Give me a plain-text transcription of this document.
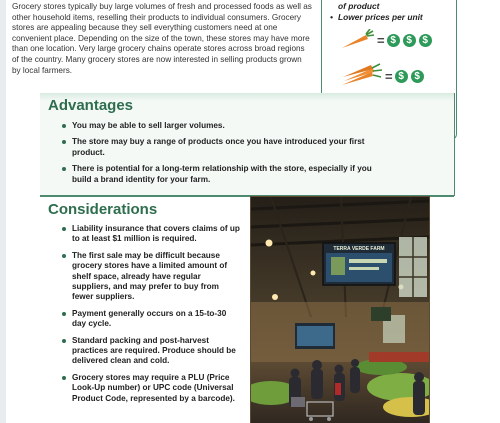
Grocery stores typically buy large volumes of fresh and processed foods as well as other household items, reselling their products to individual consumers. Grocery stores are appealing because they sell everything customers need at one convenient place. Depending on the size of the town, these stores may have more than one location. Very large grocery chains operate stores across broad regions of the country. Many grocery stores are now interested in selling products grown by local farmers.

of product
• Lower prices per unit
= $	$	$
= $	$
Advantages
You may be able to sell larger volumes.
The store may buy a range of products once you have introduced your first product.
There is potential for a long-term relationship with the store, especially if you build a brand identity for your farm.
Considerations
Liability insurance that covers claims of up to at least $1 million is required.
The first sale may be difficult because grocery stores have a limited amount of shelf space, already have regular suppliers, and may prefer to buy from fewer suppliers.
Payment generally occurs on a 15-to-30 day cycle.
Standard packing and post-harvest practices are required. Produce should be delivered clean and cold.
Grocery stores may require a PLU (Price Look-Up number) or UPC code (Universal Product Code, represented by a barcode).
TERRA VERDE FARM
